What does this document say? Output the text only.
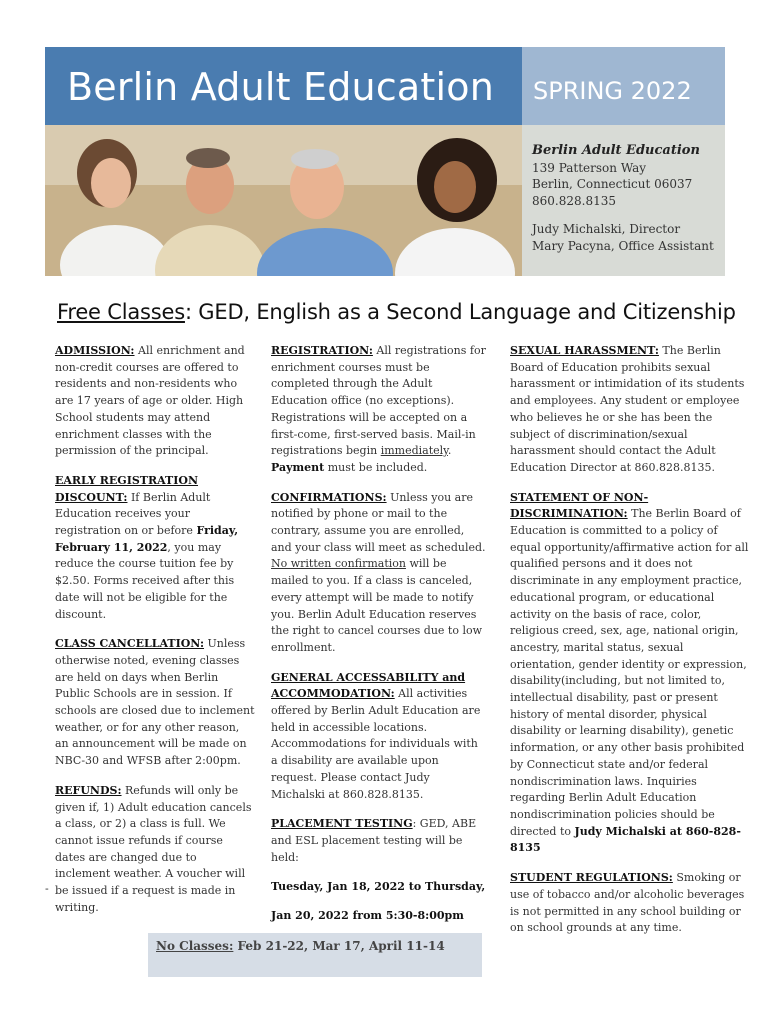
Berlin Adult Education SPRING 2022
Berlin Adult Education
139 Patterson Way
Berlin, Connecticut 06037
860.828.8135
Judy Michalski, Director
Mary Pacyna, Office Assistant
Free Classes: GED, English as a Second Language and Citizenship

ADMISSION: All enrichment and non-credit courses are offered to residents and non-residents who are 17 years of age or older. High School students may attend enrichment classes with the permission of the principal.

EARLY REGISTRATION DISCOUNT: If Berlin Adult Education receives your registration on or before Friday, February 11, 2022, you may reduce the course tuition fee by $2.50. Forms received after this date will not be eligible for the discount.

CLASS CANCELLATION: Unless otherwise noted, evening classes are held on days when Berlin Public Schools are in session. If schools are closed due to inclement weather, or for any other reason, an announcement will be made on NBC-30 and WFSB after 2:00pm.

REFUNDS: Refunds will only be given if, 1) Adult education cancels a class, or 2) a class is full. We cannot issue refunds if course dates are changed due to inclement weather. A voucher will be issued if a request is made in writing.

-

REGISTRATION: All registrations for enrichment courses must be completed through the Adult Education office (no exceptions). Registrations will be accepted on a first-come, first-served basis. Mail-in registrations begin immediately. Payment must be included.

CONFIRMATIONS: Unless you are notified by phone or mail to the contrary, assume you are enrolled, and your class will meet as scheduled. No written confirmation will be mailed to you. If a class is canceled, every attempt will be made to notify you. Berlin Adult Education reserves the right to cancel courses due to low enrollment.

GENERAL ACCESSABILITY and ACCOMMODATION: All activities offered by Berlin Adult Education are held in accessible locations. Accommodations for individuals with a disability are available upon request. Please contact Judy Michalski at 860.828.8135.

PLACEMENT TESTING: GED, ABE and ESL placement testing will be held:

Tuesday, Jan 18, 2022 to Thursday,

Jan 20, 2022 from 5:30-8:00pm

SEXUAL HARASSMENT: The Berlin Board of Education prohibits sexual harassment or intimidation of its students and employees. Any student or employee who believes he or she has been the subject of discrimination/sexual harassment should contact the Adult Education Director at 860.828.8135.

STATEMENT OF NON-DISCRIMINATION: The Berlin Board of Education is committed to a policy of equal opportunity/affirmative action for all qualified persons and it does not discriminate in any employment practice, educational program, or educational activity on the basis of race, color, religious creed, sex, age, national origin, ancestry, marital status, sexual orientation, gender identity or expression, disability(including, but not limited to, intellectual disability, past or present history of mental disorder, physical disability or learning disability), genetic information, or any other basis prohibited by Connecticut state and/or federal nondiscrimination laws. Inquiries regarding Berlin Adult Education nondiscrimination policies should be directed to Judy Michalski at 860-828-8135

STUDENT REGULATIONS: Smoking or use of tobacco and/or alcoholic beverages is not permitted in any school building or on school grounds at any time.

No Classes: Feb 21-22, Mar 17, April 11-14
